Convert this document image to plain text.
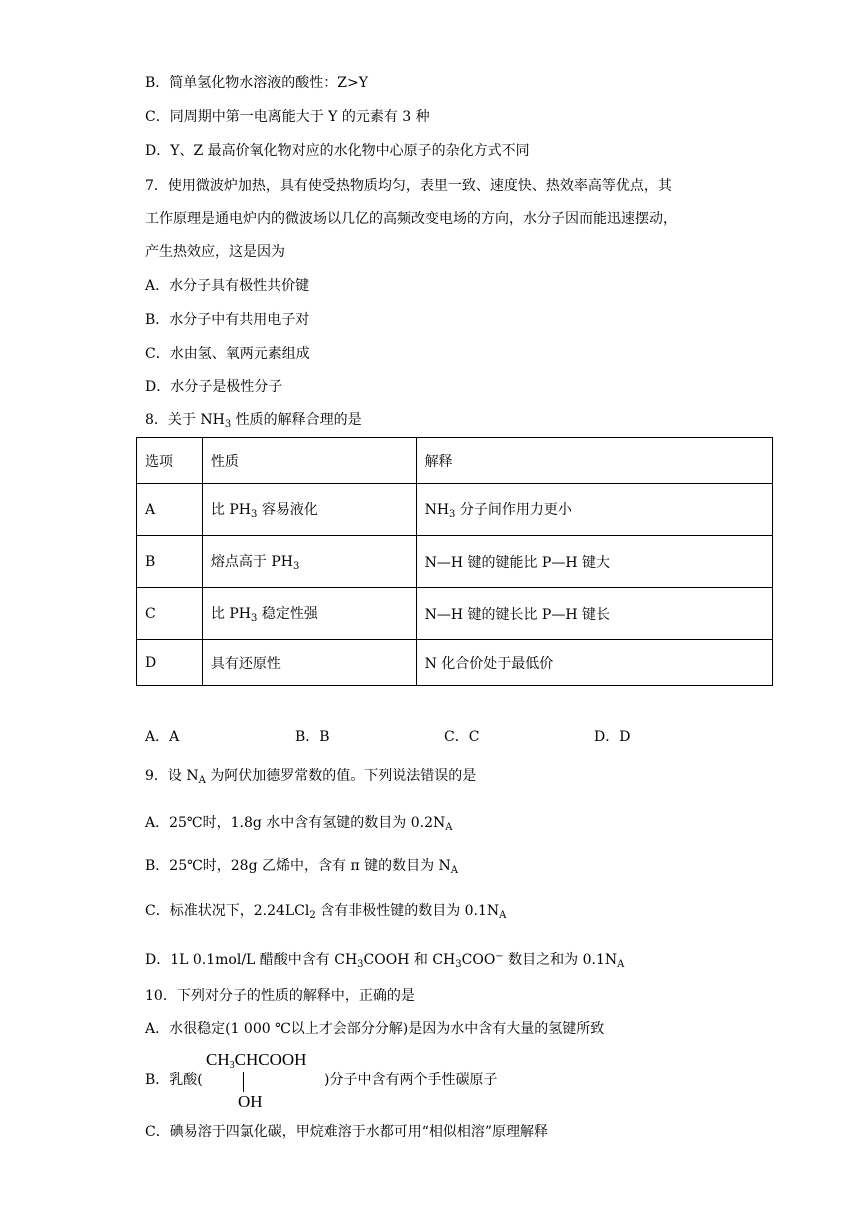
B．简单氢化物水溶液的酸性：Z>Y
C．同周期中第一电离能大于 Y 的元素有 3 种
D．Y、Z 最高价氧化物对应的水化物中心原子的杂化方式不同
7．使用微波炉加热，具有使受热物质均匀，表里一致、速度快、热效率高等优点，其
工作原理是通电炉内的微波场以几亿的高频改变电场的方向，水分子因而能迅速摆动，
产生热效应，这是因为
A．水分子具有极性共价键
B．水分子中有共用电子对
C．水由氢、氧两元素组成
D．水分子是极性分子
8．关于 $NH_3$ 性质的解释合理的是
选项	性质	解释
A	比 $PH_3$ 容易液化	$NH_3$ 分子间作用力更小
B	熔点高于 $PH_3$	N—H 键的键能比 P—H 键大
C	比 $PH_3$ 稳定性强	N—H 键的键长比 P—H 键长
D	具有还原性	N 化合价处于最低价
A．A	B．B	C．C	D．D
9．设 $N_A$ 为阿伏加德罗常数的值。下列说法错误的是
A．25℃时，1.8g 水中含有氢键的数目为 $0.2N_A$
B．25℃时，28g 乙烯中，含有 π 键的数目为 $N_A$
C．标准状况下，2.24LCl$_2$ 含有非极性键的数目为 $0.1N_A$
D．1L 0.1mol/L 醋酸中含有 $CH_3COOH$ 和 $CH_3COO^-$ 数目之和为 $0.1N_A$
10．下列对分子的性质的解释中，正确的是
A．水很稳定(1 000 ℃以上才会部分分解)是因为水中含有大量的氢键所致
B．乳酸(
$CH_3CHCOOH$
OH
)分子中含有两个手性碳原子
C．碘易溶于四氯化碳，甲烷难溶于水都可用“相似相溶”原理解释
